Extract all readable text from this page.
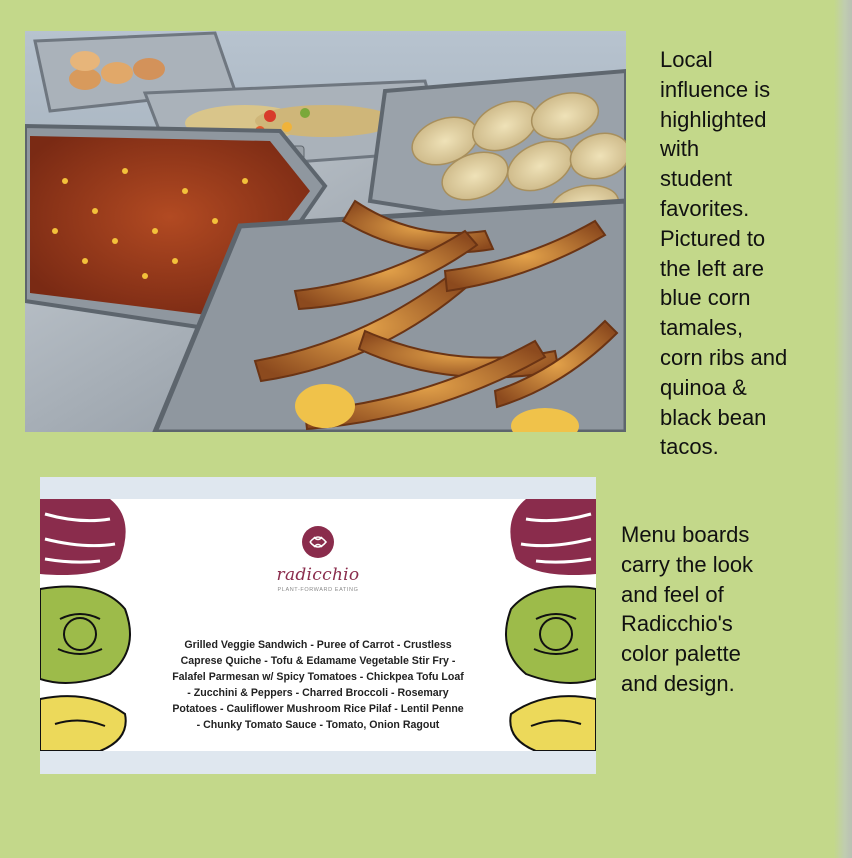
Local
influence is
highlighted
with
student
favorites.
Pictured to
the left are
blue corn
tamales,
corn ribs and
quinoa &
black bean
tacos.
radicchio
PLANT-FORWARD EATING
Grilled Veggie Sandwich - Puree of Carrot - Crustless
Caprese Quiche - Tofu & Edamame Vegetable Stir Fry -
Falafel Parmesan w/ Spicy Tomatoes - Chickpea Tofu Loaf
- Zucchini & Peppers - Charred Broccoli - Rosemary
Potatoes - Cauliflower Mushroom Rice Pilaf - Lentil Penne
- Chunky Tomato Sauce - Tomato, Onion Ragout
Menu boards
carry the look
and feel of
Radicchio's
color palette
and design.
